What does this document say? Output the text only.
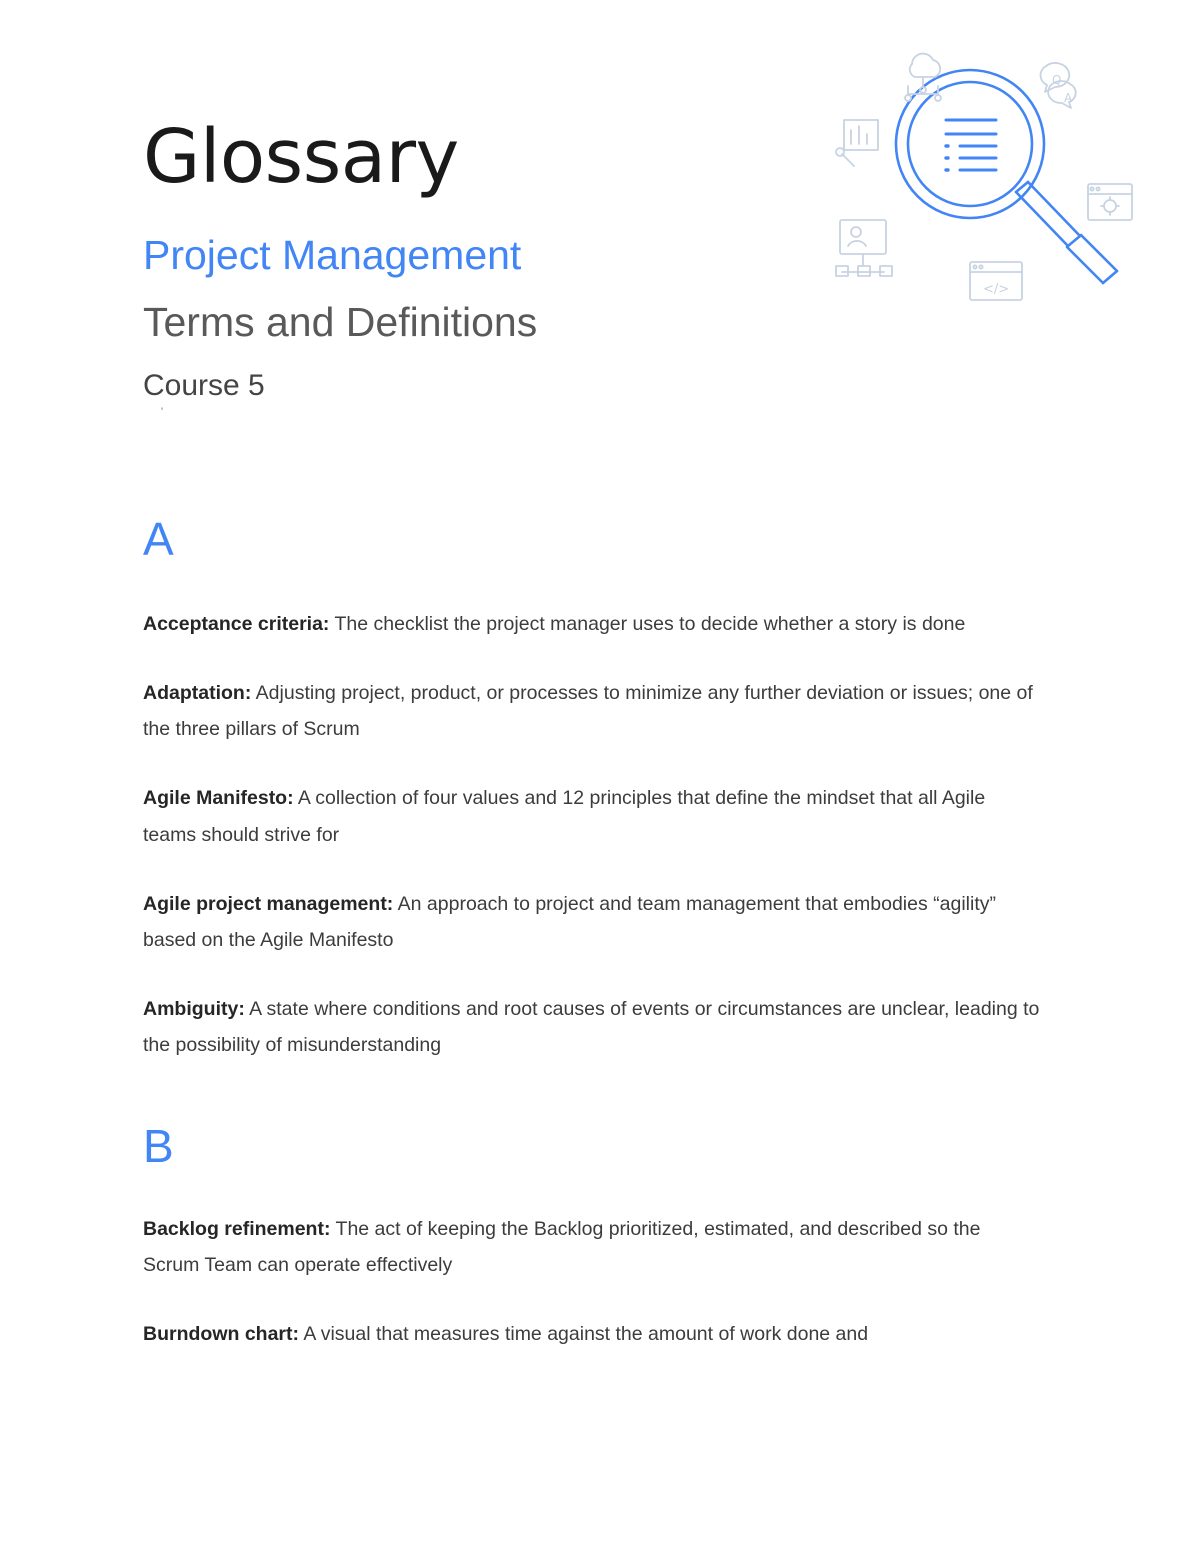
Glossary
Project Management
Terms and Definitions
Course 5
'
Q
A
</>
A

Acceptance criteria: The checklist the project manager uses to decide whether a story is done

Adaptation: Adjusting project, product, or processes to minimize any further deviation or issues; one of the three pillars of Scrum

Agile Manifesto: A collection of four values and 12 principles that define the mindset that all Agile teams should strive for

Agile project management: An approach to project and team management that embodies “agility” based on the Agile Manifesto

Ambiguity: A state where conditions and root causes of events or circumstances are unclear, leading to the possibility of misunderstanding

B

Backlog refinement: The act of keeping the Backlog prioritized, estimated, and described so the Scrum Team can operate effectively

Burndown chart: A visual that measures time against the amount of work done and
